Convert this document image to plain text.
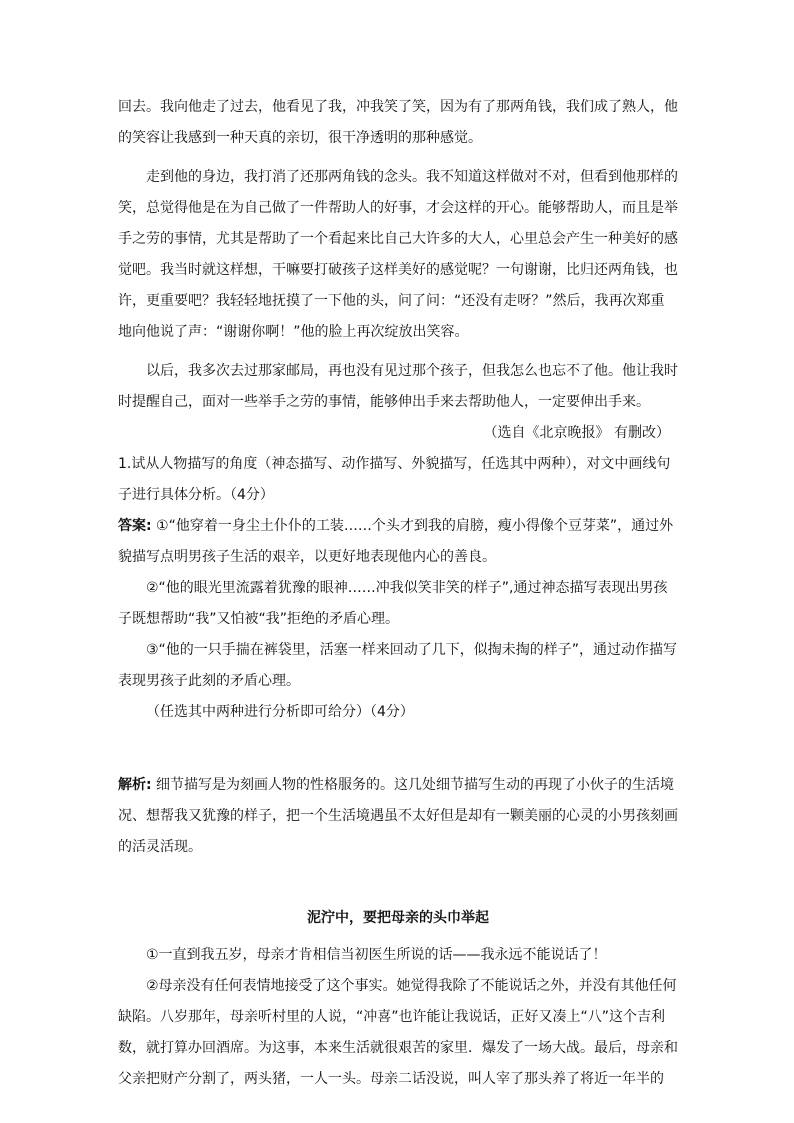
回去。我向他走了过去，他看见了我，冲我笑了笑，因为有了那两角钱，我们成了熟人，他的笑容让我感到一种天真的亲切，很干净透明的那种感觉。

走到他的身边，我打消了还那两角钱的念头。我不知道这样做对不对，但看到他那样的笑，总觉得他是在为自己做了一件帮助人的好事，才会这样的开心。能够帮助人，而且是举手之劳的事情，尤其是帮助了一个看起来比自己大许多的大人，心里总会产生一种美好的感觉吧。我当时就这样想，干嘛要打破孩子这样美好的感觉呢？一句谢谢，比归还两角钱，也许，更重要吧？我轻轻地抚摸了一下他的头，问了问：“还没有走呀？”然后，我再次郑重地向他说了声：“谢谢你啊！”他的脸上再次绽放出笑容。

以后，我多次去过那家邮局，再也没有见过那个孩子，但我怎么也忘不了他。他让我时时提醒自己，面对一些举手之劳的事情，能够伸出手来去帮助他人，一定要伸出手来。

（选自《北京晚报》 有删改）

1.试从人物描写的角度（神态描写、动作描写、外貌描写，任选其中两种），对文中画线句子进行具体分析。（4分）

答案: ①“他穿着一身尘土仆仆的工装……个头才到我的肩膀，瘦小得像个豆芽菜”，通过外貌描写点明男孩子生活的艰辛，以更好地表现他内心的善良。

②“他的眼光里流露着犹豫的眼神……冲我似笑非笑的样子”,通过神态描写表现出男孩子既想帮助“我”又怕被“我”拒绝的矛盾心理。

③“他的一只手揣在裤袋里，活塞一样来回动了几下，似掏未掏的样子”，通过动作描写表现男孩子此刻的矛盾心理。

（任选其中两种进行分析即可给分）（4分）

解析: 细节描写是为刻画人物的性格服务的。这几处细节描写生动的再现了小伙子的生活境况、想帮我又犹豫的样子，把一个生活境遇虽不太好但是却有一颗美丽的心灵的小男孩刻画的活灵活现。

泥泞中，要把母亲的头巾举起

①一直到我五岁，母亲才肯相信当初医生所说的话——我永远不能说话了！

②母亲没有任何表情地接受了这个事实。她觉得我除了不能说话之外，并没有其他任何缺陷。八岁那年，母亲听村里的人说，“冲喜”也许能让我说话，正好又凑上“八”这个吉利数，就打算办回酒席。为这事，本来生活就很艰苦的家里．爆发了一场大战。最后，母亲和父亲把财产分割了，两头猪，一人一头。母亲二话没说，叫人宰了那头养了将近一年半的
